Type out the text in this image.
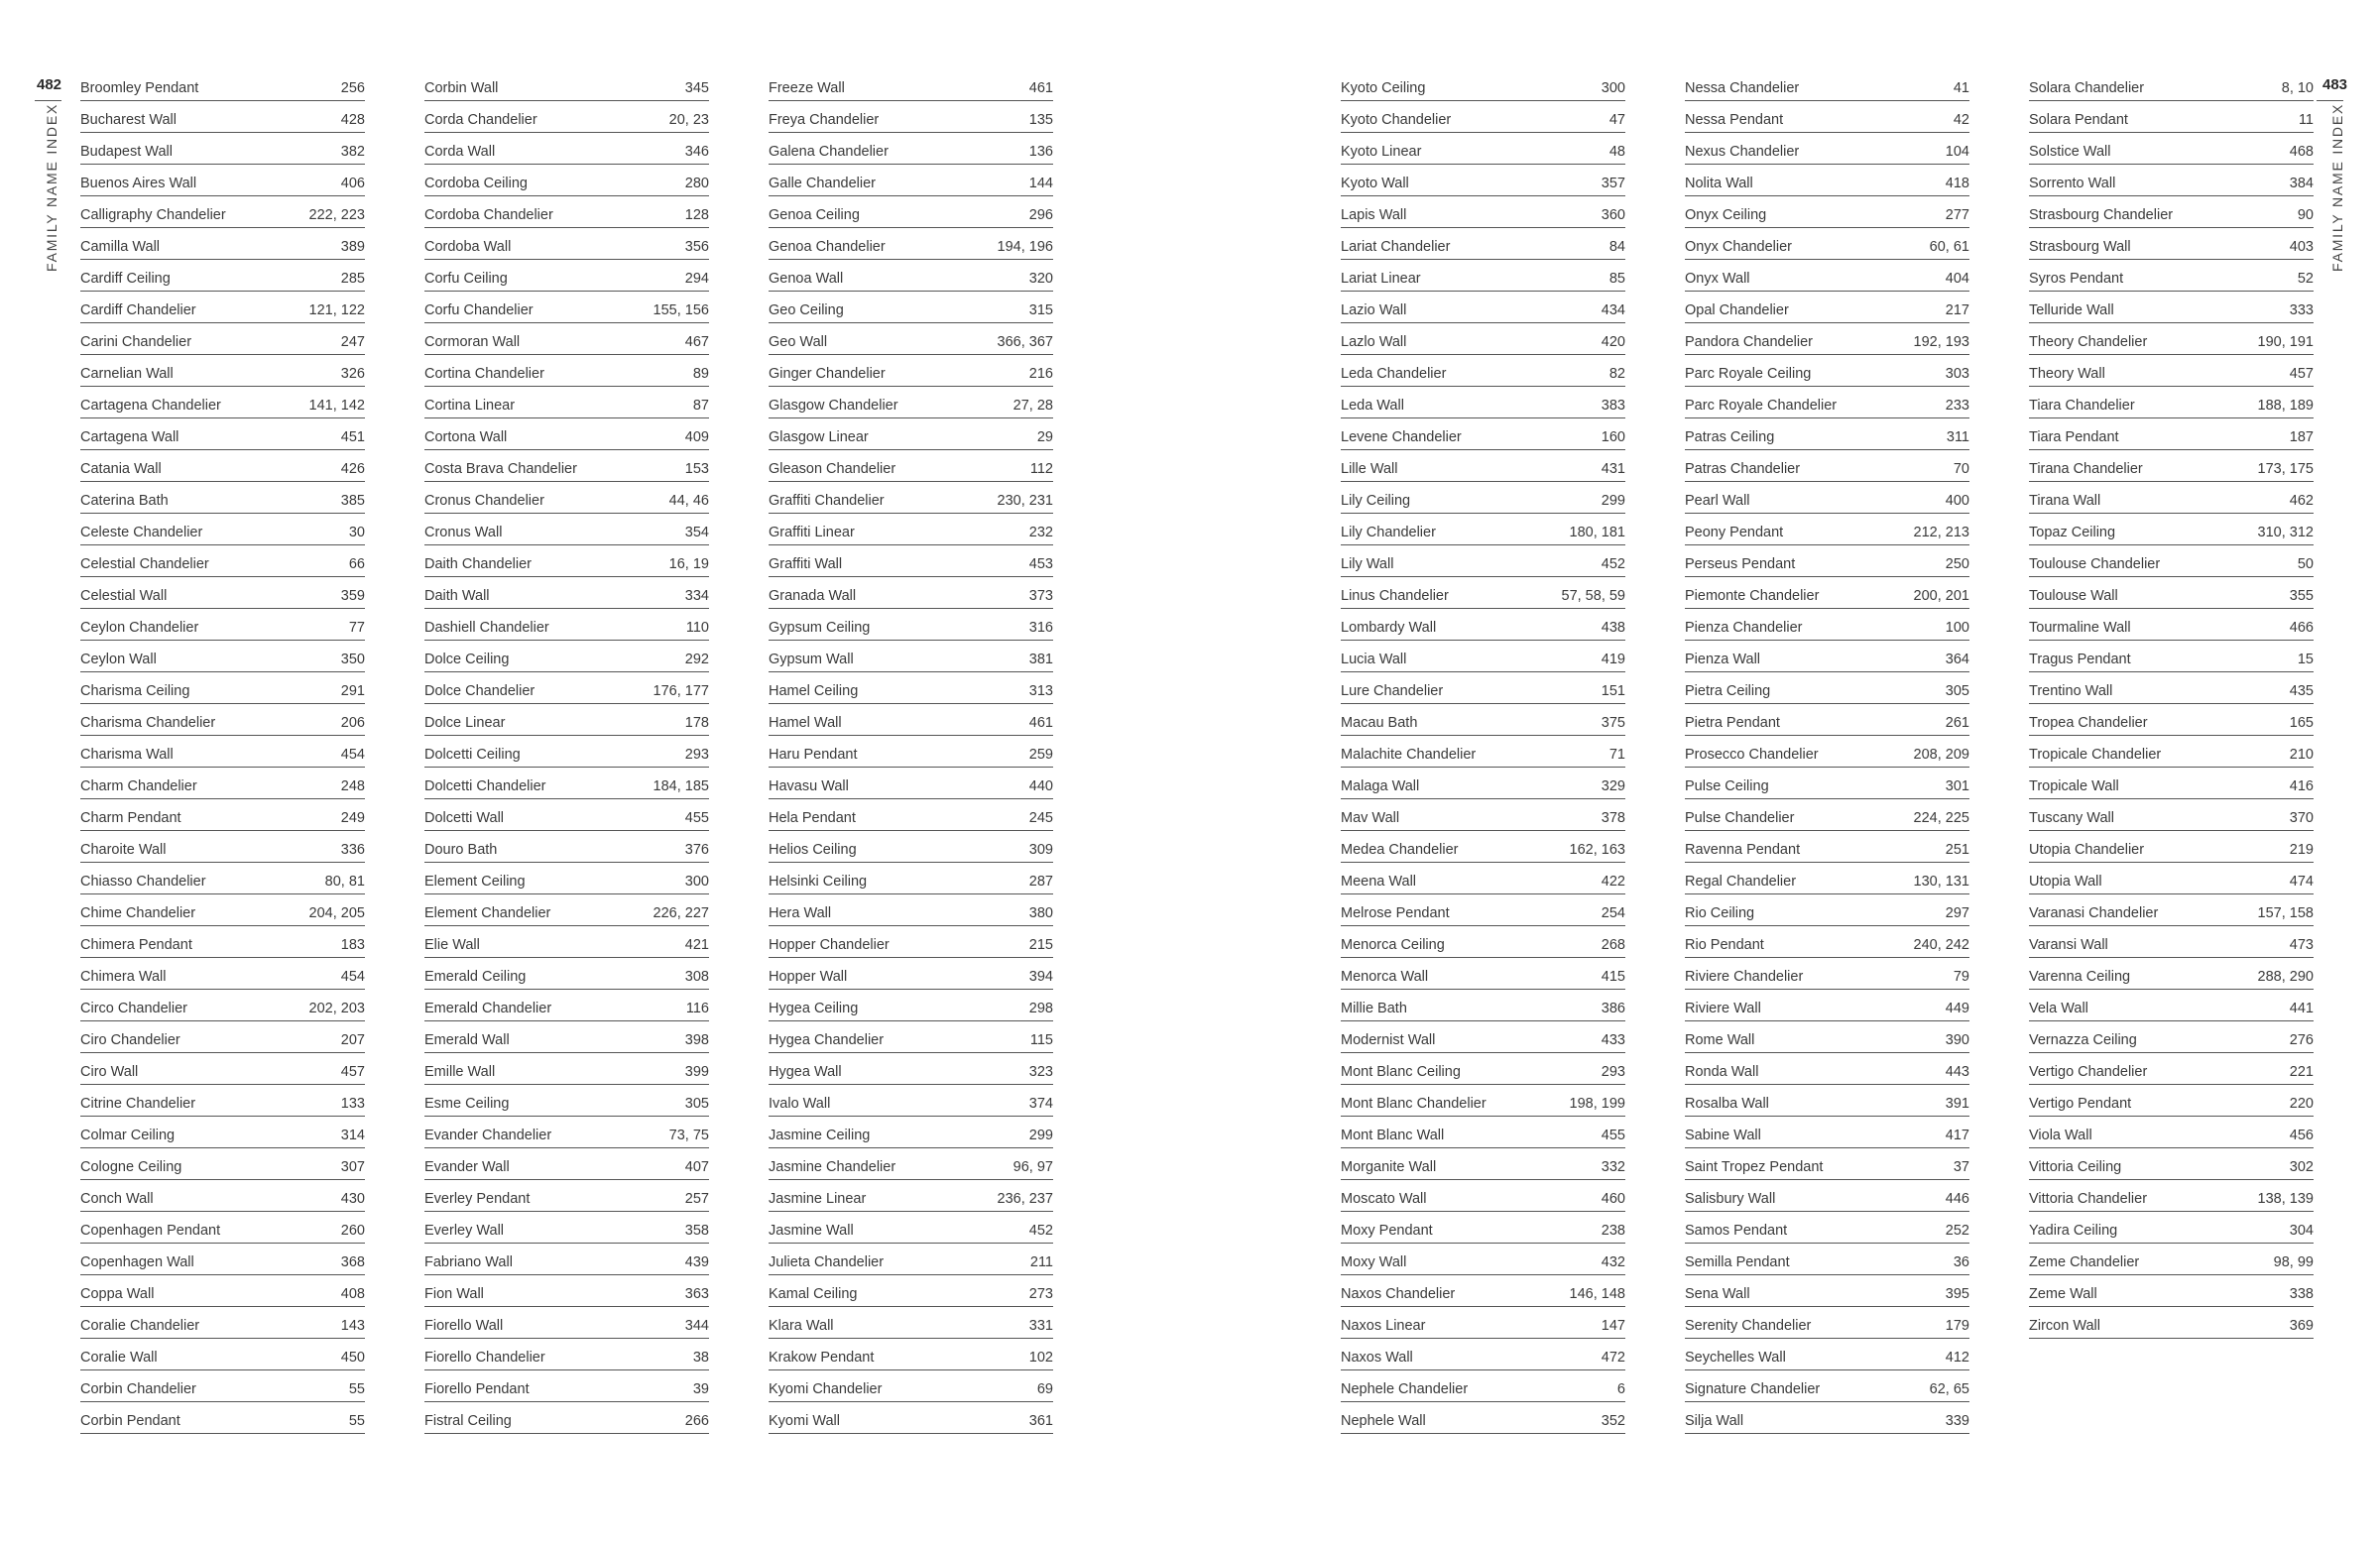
482
FAMILY NAME INDEX
483
FAMILY NAME INDEX
Broomley Pendant	256
Bucharest Wall	428
Budapest Wall	382
Buenos Aires Wall	406
Calligraphy Chandelier	222, 223
Camilla Wall	389
Cardiff Ceiling	285
Cardiff Chandelier	121, 122
Carini Chandelier	247
Carnelian Wall	326
Cartagena Chandelier	141, 142
Cartagena Wall	451
Catania Wall	426
Caterina Bath	385
Celeste Chandelier	30
Celestial Chandelier	66
Celestial Wall	359
Ceylon Chandelier	77
Ceylon Wall	350
Charisma Ceiling	291
Charisma Chandelier	206
Charisma Wall	454
Charm Chandelier	248
Charm Pendant	249
Charoite Wall	336
Chiasso Chandelier	80, 81
Chime Chandelier	204, 205
Chimera Pendant	183
Chimera Wall	454
Circo Chandelier	202, 203
Ciro Chandelier	207
Ciro Wall	457
Citrine Chandelier	133
Colmar Ceiling	314
Cologne Ceiling	307
Conch Wall	430
Copenhagen Pendant	260
Copenhagen Wall	368
Coppa Wall	408
Coralie Chandelier	143
Coralie Wall	450
Corbin Chandelier	55
Corbin Pendant	55
Corbin Wall	345
Corda Chandelier	20, 23
Corda Wall	346
Cordoba Ceiling	280
Cordoba Chandelier	128
Cordoba Wall	356
Corfu Ceiling	294
Corfu Chandelier	155, 156
Cormoran Wall	467
Cortina Chandelier	89
Cortina Linear	87
Cortona Wall	409
Costa Brava Chandelier	153
Cronus Chandelier	44, 46
Cronus Wall	354
Daith Chandelier	16, 19
Daith Wall	334
Dashiell Chandelier	110
Dolce Ceiling	292
Dolce Chandelier	176, 177
Dolce Linear	178
Dolcetti Ceiling	293
Dolcetti Chandelier	184, 185
Dolcetti Wall	455
Douro Bath	376
Element Ceiling	300
Element Chandelier	226, 227
Elie Wall	421
Emerald Ceiling	308
Emerald Chandelier	116
Emerald Wall	398
Emille Wall	399
Esme Ceiling	305
Evander Chandelier	73, 75
Evander Wall	407
Everley Pendant	257
Everley Wall	358
Fabriano Wall	439
Fion Wall	363
Fiorello Wall	344
Fiorello Chandelier	38
Fiorello Pendant	39
Fistral Ceiling	266
Freeze Wall	461
Freya Chandelier	135
Galena Chandelier	136
Galle Chandelier	144
Genoa Ceiling	296
Genoa Chandelier	194, 196
Genoa Wall	320
Geo Ceiling	315
Geo Wall	366, 367
Ginger Chandelier	216
Glasgow Chandelier	27, 28
Glasgow Linear	29
Gleason Chandelier	112
Graffiti Chandelier	230, 231
Graffiti Linear	232
Graffiti Wall	453
Granada Wall	373
Gypsum Ceiling	316
Gypsum Wall	381
Hamel Ceiling	313
Hamel Wall	461
Haru Pendant	259
Havasu Wall	440
Hela Pendant	245
Helios Ceiling	309
Helsinki Ceiling	287
Hera Wall	380
Hopper Chandelier	215
Hopper Wall	394
Hygea Ceiling	298
Hygea Chandelier	115
Hygea Wall	323
Ivalo Wall	374
Jasmine Ceiling	299
Jasmine Chandelier	96, 97
Jasmine Linear	236, 237
Jasmine Wall	452
Julieta Chandelier	211
Kamal Ceiling	273
Klara Wall	331
Krakow Pendant	102
Kyomi Chandelier	69
Kyomi Wall	361
Kyoto Ceiling	300
Kyoto Chandelier	47
Kyoto Linear	48
Kyoto Wall	357
Lapis Wall	360
Lariat Chandelier	84
Lariat Linear	85
Lazio Wall	434
Lazlo Wall	420
Leda Chandelier	82
Leda Wall	383
Levene Chandelier	160
Lille Wall	431
Lily Ceiling	299
Lily Chandelier	180, 181
Lily Wall	452
Linus Chandelier	57, 58, 59
Lombardy Wall	438
Lucia Wall	419
Lure Chandelier	151
Macau Bath	375
Malachite Chandelier	71
Malaga Wall	329
Mav Wall	378
Medea Chandelier	162, 163
Meena Wall	422
Melrose Pendant	254
Menorca Ceiling	268
Menorca Wall	415
Millie Bath	386
Modernist Wall	433
Mont Blanc Ceiling	293
Mont Blanc Chandelier	198, 199
Mont Blanc Wall	455
Morganite Wall	332
Moscato Wall	460
Moxy Pendant	238
Moxy Wall	432
Naxos Chandelier	146, 148
Naxos Linear	147
Naxos Wall	472
Nephele Chandelier	6
Nephele Wall	352
Nessa Chandelier	41
Nessa Pendant	42
Nexus Chandelier	104
Nolita Wall	418
Onyx Ceiling	277
Onyx Chandelier	60, 61
Onyx Wall	404
Opal Chandelier	217
Pandora Chandelier	192, 193
Parc Royale Ceiling	303
Parc Royale Chandelier	233
Patras Ceiling	311
Patras Chandelier	70
Pearl Wall	400
Peony Pendant	212, 213
Perseus Pendant	250
Piemonte Chandelier	200, 201
Pienza Chandelier	100
Pienza Wall	364
Pietra Ceiling	305
Pietra Pendant	261
Prosecco Chandelier	208, 209
Pulse Ceiling	301
Pulse Chandelier	224, 225
Ravenna Pendant	251
Regal Chandelier	130, 131
Rio Ceiling	297
Rio Pendant	240, 242
Riviere Chandelier	79
Riviere Wall	449
Rome Wall	390
Ronda Wall	443
Rosalba Wall	391
Sabine Wall	417
Saint Tropez Pendant	37
Salisbury Wall	446
Samos Pendant	252
Semilla Pendant	36
Sena Wall	395
Serenity Chandelier	179
Seychelles Wall	412
Signature Chandelier	62, 65
Silja Wall	339
Solara Chandelier	8, 10
Solara Pendant	11
Solstice Wall	468
Sorrento Wall	384
Strasbourg Chandelier	90
Strasbourg Wall	403
Syros Pendant	52
Telluride Wall	333
Theory Chandelier	190, 191
Theory Wall	457
Tiara Chandelier	188, 189
Tiara Pendant	187
Tirana Chandelier	173, 175
Tirana Wall	462
Topaz Ceiling	310, 312
Toulouse Chandelier	50
Toulouse Wall	355
Tourmaline Wall	466
Tragus Pendant	15
Trentino Wall	435
Tropea Chandelier	165
Tropicale Chandelier	210
Tropicale Wall	416
Tuscany Wall	370
Utopia Chandelier	219
Utopia Wall	474
Varanasi Chandelier	157, 158
Varansi Wall	473
Varenna Ceiling	288, 290
Vela Wall	441
Vernazza Ceiling	276
Vertigo Chandelier	221
Vertigo Pendant	220
Viola Wall	456
Vittoria Ceiling	302
Vittoria Chandelier	138, 139
Yadira Ceiling	304
Zeme Chandelier	98, 99
Zeme Wall	338
Zircon Wall	369
